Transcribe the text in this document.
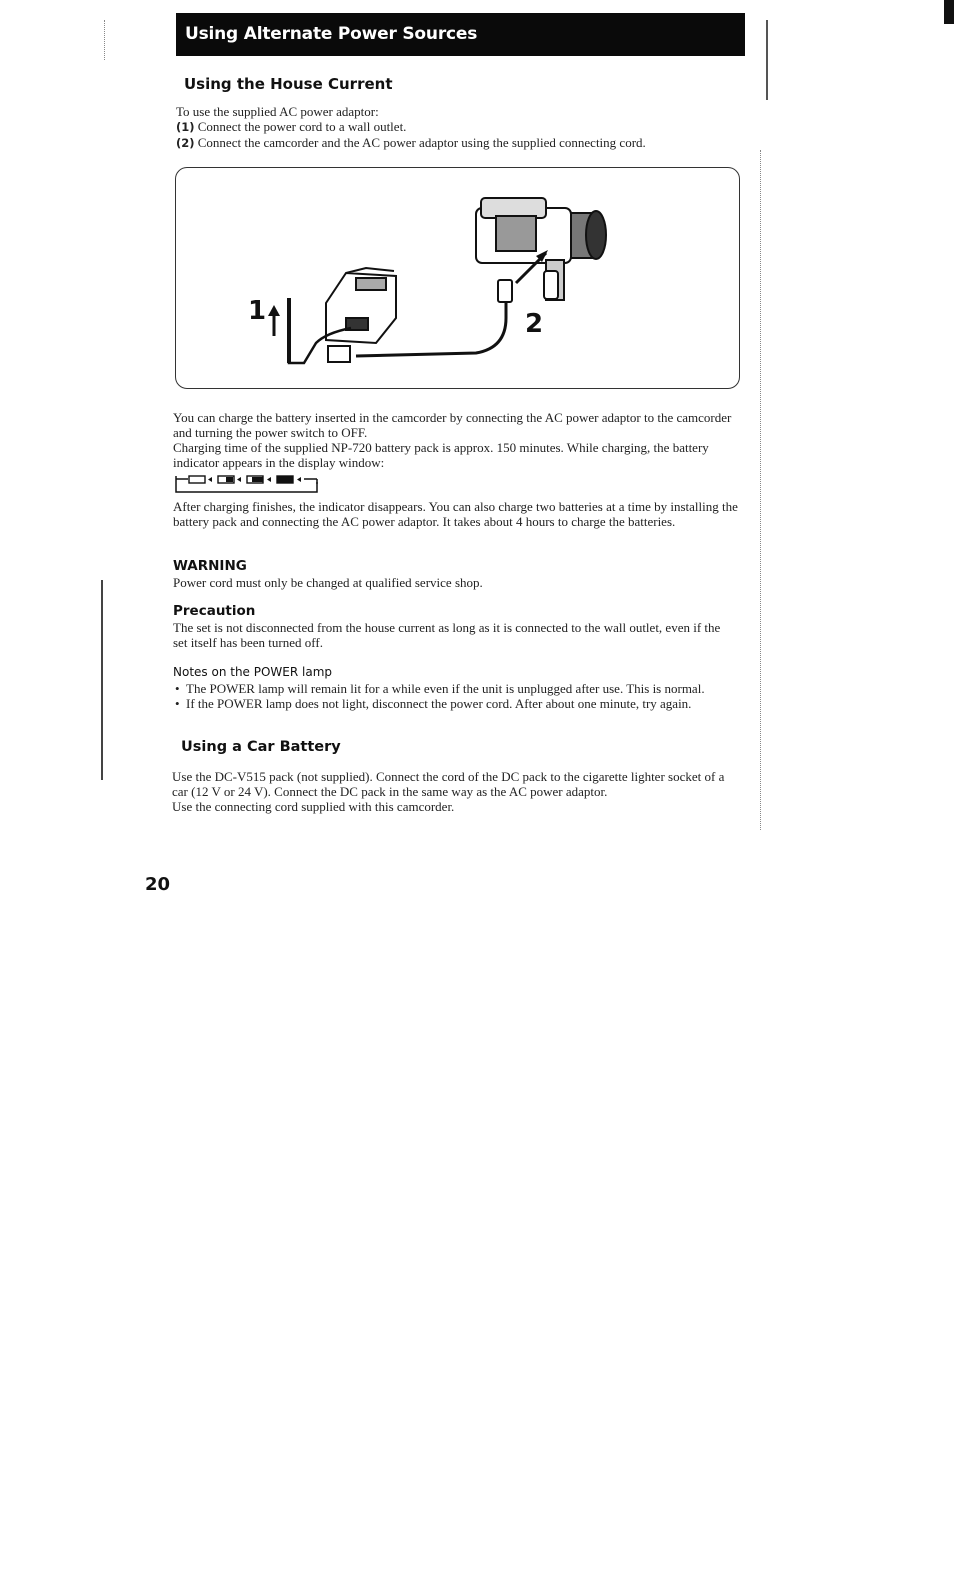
Using Alternate Power Sources
Using the House Current

To use the supplied AC power adaptor:

(1) Connect the power cord to a wall outlet.

(2) Connect the camcorder and the AC power adaptor using the supplied connecting cord.

1	2

You can charge the battery inserted in the camcorder by connecting the AC power adaptor to the camcorder and turning the power switch to OFF.

Charging time of the supplied NP-720 battery pack is approx. 150 minutes. While charging, the battery indicator appears in the display window:

After charging finishes, the indicator disappears. You can also charge two batteries at a time by installing the battery pack and connecting the AC power adaptor. It takes about 4 hours to charge the batteries.

WARNING
Power cord must only be changed at qualified service shop.
Precaution
The set is not disconnected from the house current as long as it is connected to the wall outlet, even if the set itself has been turned off.
Notes on the POWER lamp
• The POWER lamp will remain lit for a while even if the unit is unplugged after use. This is normal.
• If the POWER lamp does not light, disconnect the power cord. After about one minute, try again.
Using a Car Battery

Use the DC-V515 pack (not supplied). Connect the cord of the DC pack to the cigarette lighter socket of a car (12 V or 24 V). Connect the DC pack in the same way as the AC power adaptor.

Use the connecting cord supplied with this camcorder.

20
